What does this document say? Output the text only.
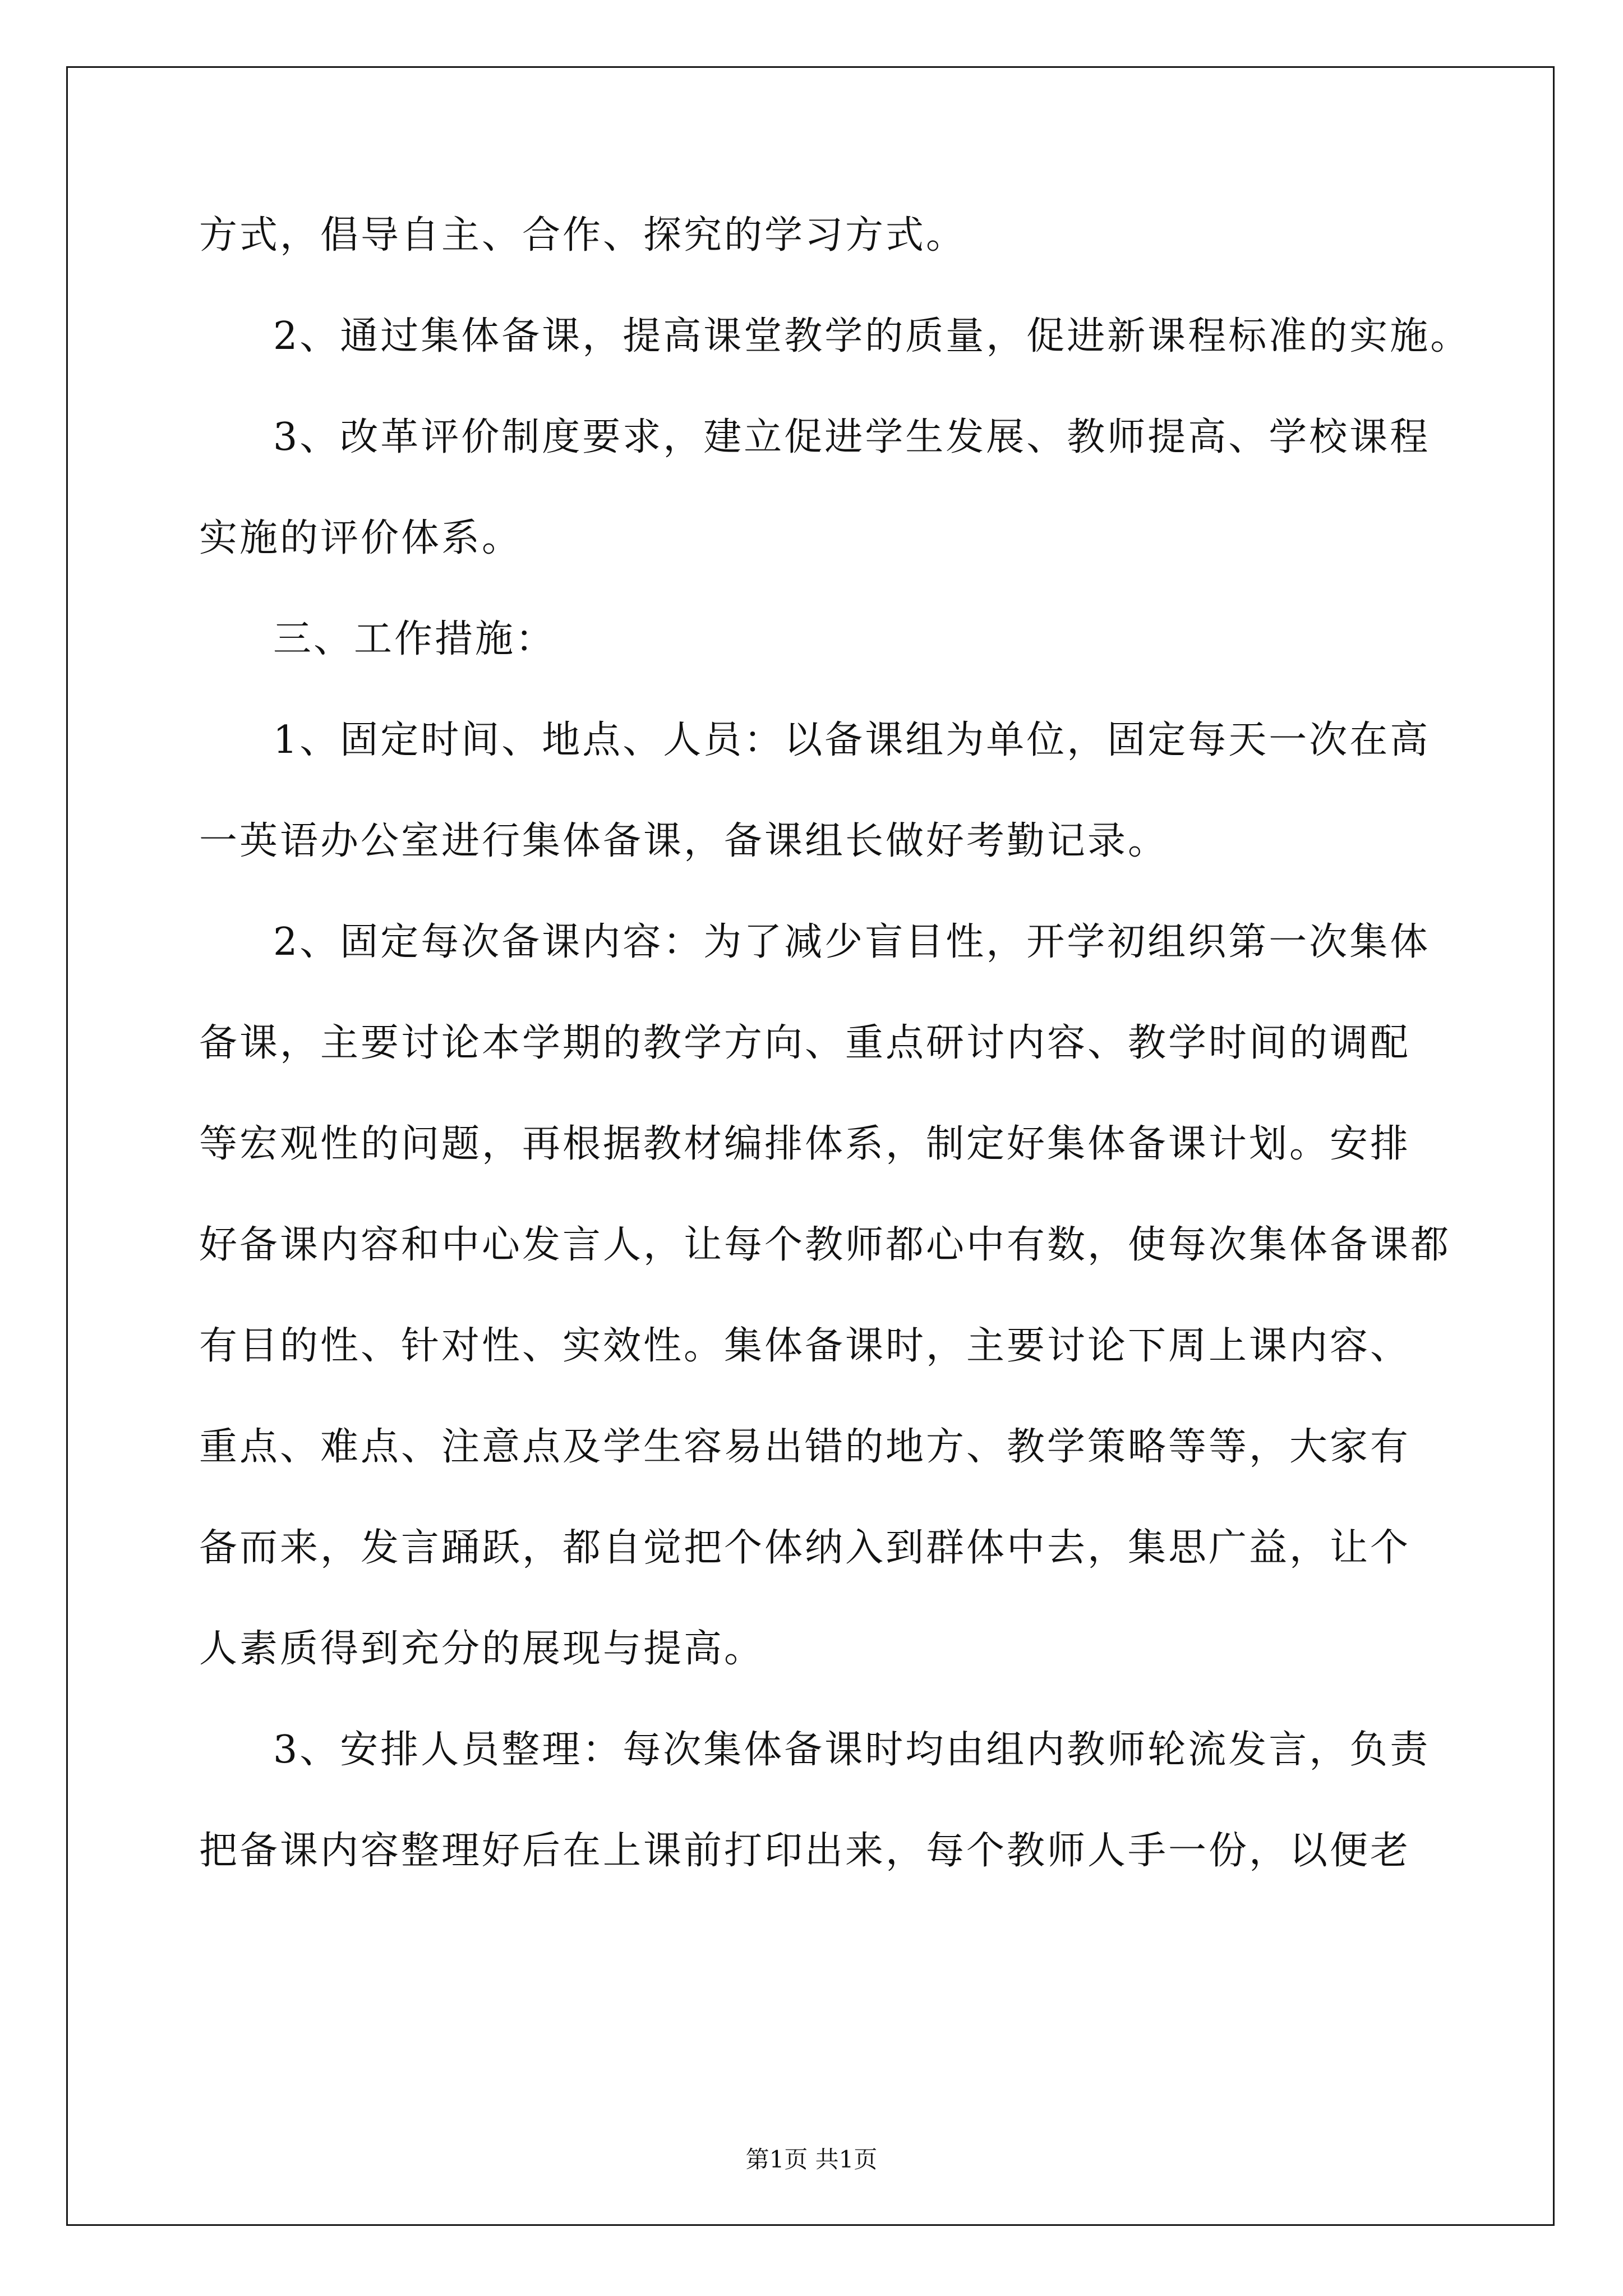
方式，倡导自主、合作、探究的学习方式。
2、通过集体备课，提高课堂教学的质量，促进新课程标准的实施。
3、改革评价制度要求，建立促进学生发展、教师提高、学校课程
实施的评价体系。
三、工作措施：
1、固定时间、地点、人员：以备课组为单位，固定每天一次在高
一英语办公室进行集体备课，备课组长做好考勤记录。
2、固定每次备课内容：为了减少盲目性，开学初组织第一次集体
备课，主要讨论本学期的教学方向、重点研讨内容、教学时间的调配
等宏观性的问题，再根据教材编排体系，制定好集体备课计划。安排
好备课内容和中心发言人，让每个教师都心中有数，使每次集体备课都
有目的性、针对性、实效性。集体备课时，主要讨论下周上课内容、
重点、难点、注意点及学生容易出错的地方、教学策略等等，大家有
备而来，发言踊跃，都自觉把个体纳入到群体中去，集思广益，让个
人素质得到充分的展现与提高。
3、安排人员整理：每次集体备课时均由组内教师轮流发言，负责
把备课内容整理好后在上课前打印出来，每个教师人手一份，以便老
第1页 共1页
